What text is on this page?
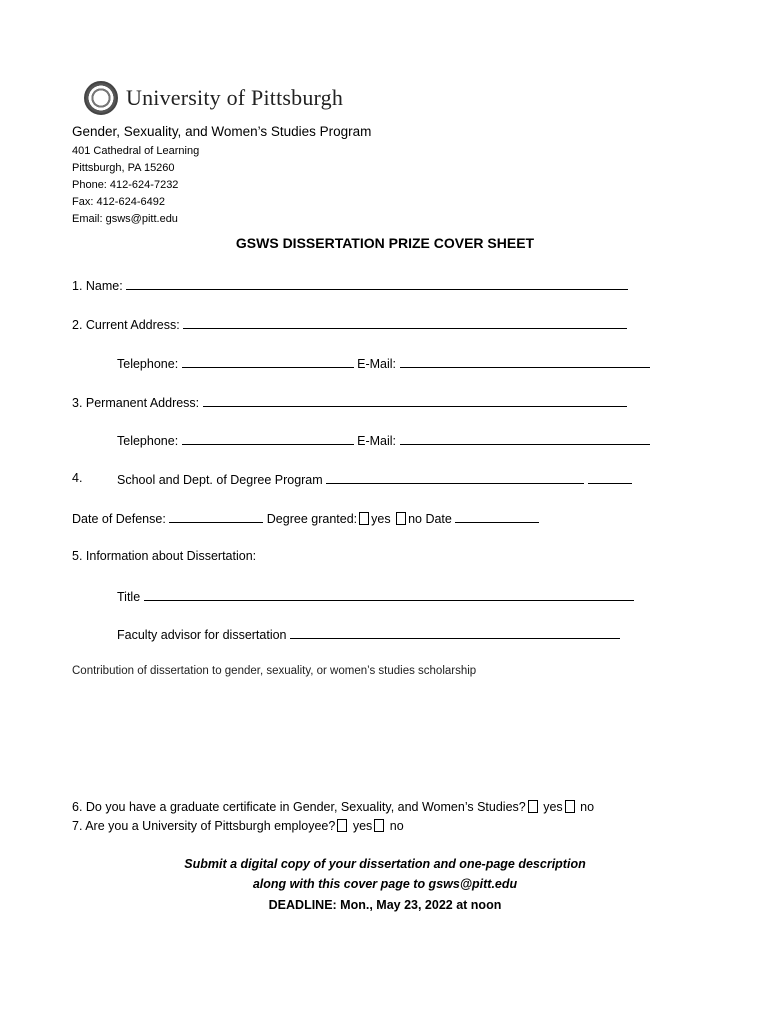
University of Pittsburgh
Gender, Sexuality, and Women’s Studies Program
401 Cathedral of Learning
Pittsburgh, PA 15260
Phone: 412-624-7232
Fax: 412-624-6492
Email: gsws@pitt.edu
GSWS DISSERTATION PRIZE COVER SHEET
1. Name:
2. Current Address:
Telephone:	E-Mail:
3. Permanent Address:
Telephone:	E-Mail:
4.	School and Dept. of Degree Program
Date of Defense:	Degree granted: yes no Date
5. Information about Dissertation:
Title
Faculty advisor for dissertation
Contribution of dissertation to gender, sexuality, or women’s studies scholarship
6. Do you have a graduate certificate in Gender, Sexuality, and Women’s Studies? yes no
7. Are you a University of Pittsburgh employee? yes no
Submit a digital copy of your dissertation and one-page description
along with this cover page to gsws@pitt.edu
DEADLINE: Mon., May 23, 2022 at noon
